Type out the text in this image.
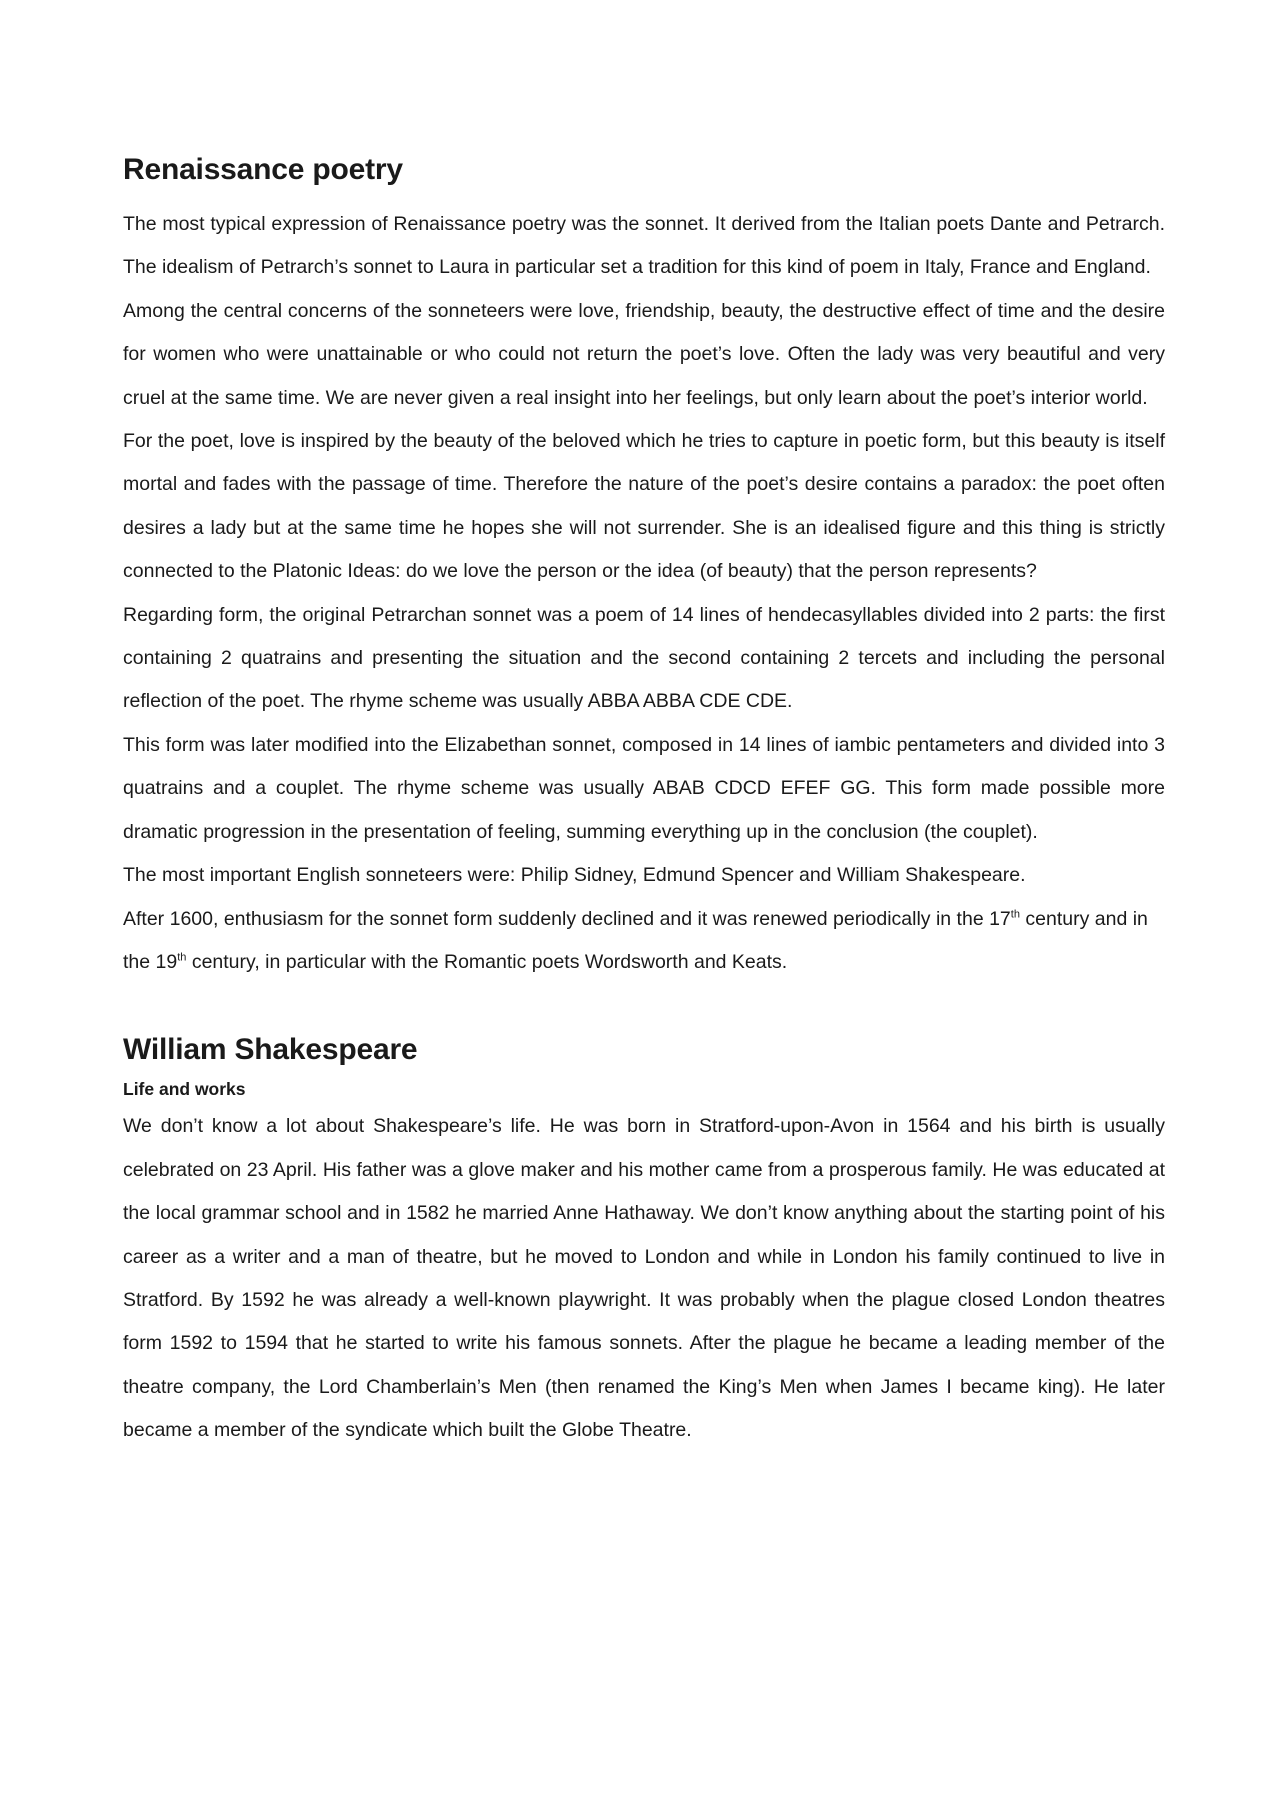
Renaissance poetry

The most typical expression of Renaissance poetry was the sonnet. It derived from the Italian poets Dante and Petrarch. The idealism of Petrarch’s sonnet to Laura in particular set a tradition for this kind of poem in Italy, France and England.

Among the central concerns of the sonneteers were love, friendship, beauty, the destructive effect of time and the desire for women who were unattainable or who could not return the poet’s love. Often the lady was very beautiful and very cruel at the same time. We are never given a real insight into her feelings, but only learn about the poet’s interior world.

For the poet, love is inspired by the beauty of the beloved which he tries to capture in poetic form, but this beauty is itself mortal and fades with the passage of time. Therefore the nature of the poet’s desire contains a paradox: the poet often desires a lady but at the same time he hopes she will not surrender. She is an idealised figure and this thing is strictly connected to the Platonic Ideas: do we love the person or the idea (of beauty) that the person represents?

Regarding form, the original Petrarchan sonnet was a poem of 14 lines of hendecasyllables divided into 2 parts: the first containing 2 quatrains and presenting the situation and the second containing 2 tercets and including the personal reflection of the poet. The rhyme scheme was usually ABBA ABBA CDE CDE.

This form was later modified into the Elizabethan sonnet, composed in 14 lines of iambic pentameters and divided into 3 quatrains and a couplet. The rhyme scheme was usually ABAB CDCD EFEF GG. This form made possible more dramatic progression in the presentation of feeling, summing everything up in the conclusion (the couplet).

The most important English sonneteers were: Philip Sidney, Edmund Spencer and William Shakespeare.

After 1600, enthusiasm for the sonnet form suddenly declined and it was renewed periodically in the 17th century and in the 19th century, in particular with the Romantic poets Wordsworth and Keats.

William Shakespeare
Life and works

We don’t know a lot about Shakespeare’s life. He was born in Stratford-upon-Avon in 1564 and his birth is usually celebrated on 23 April. His father was a glove maker and his mother came from a prosperous family. He was educated at the local grammar school and in 1582 he married Anne Hathaway. We don’t know anything about the starting point of his career as a writer and a man of theatre, but he moved to London and while in London his family continued to live in Stratford. By 1592 he was already a well-known playwright. It was probably when the plague closed London theatres form 1592 to 1594 that he started to write his famous sonnets. After the plague he became a leading member of the theatre company, the Lord Chamberlain’s Men (then renamed the King’s Men when James I became king). He later became a member of the syndicate which built the Globe Theatre.
